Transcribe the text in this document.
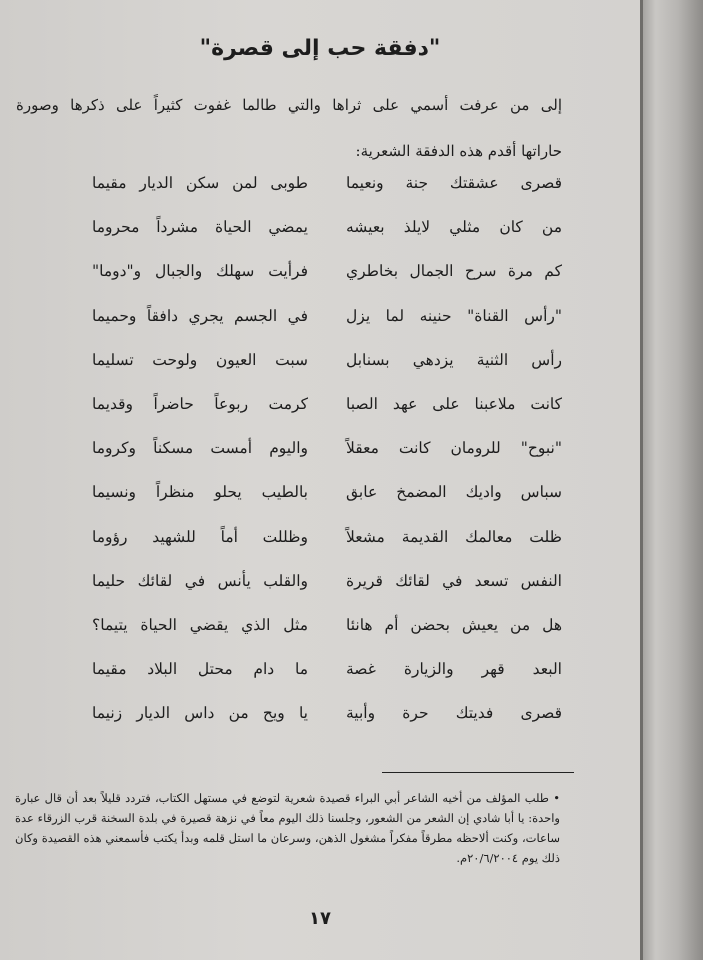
"دفقة حب إلى قصرة"
إلى من عرفت أسمي على ثراها والتي طالما غفوت كثيراً على ذكرها وصورة
حاراتها أقدم هذه الدفقة الشعرية:
قصرى عشقتك جنة ونعيما
من كان مثلي لايلذ بعيشه
كم مرة سرح الجمال بخاطري
"رأس القناة" حنينه لما يزل
رأس الثنية يزدهي بسنابل
كانت ملاعبنا على عهد الصبا
"نبوح" للرومان كانت معقلاً
سباس واديك المضمخ عابق
ظلت معالمك القديمة مشعلاً
النفس تسعد في لقائك قريرة
هل من يعيش بحضن أم هانئا
البعد قهر والزيارة غصة
قصرى فديتك حرة وأبية
طوبى لمن سكن الديار مقيما
يمضي الحياة مشرداً محروما
فرأيت سهلك والجبال و"دوما"
في الجسم يجري دافقاً وحميما
سبت العيون ولوحت تسليما
كرمت ربوعاً حاضراً وقديما
واليوم أمست مسكناً وكروما
بالطيب يحلو منظراً ونسيما
وظللت أماً للشهيد رؤوما
والقلب يأنس في لقائك حليما
مثل الذي يقضي الحياة يتيما؟
ما دام محتل البلاد مقيما
يا ويح من داس الديار زنيما
• طلب المؤلف من أخيه الشاعر أبي البراء قصيدة شعرية لتوضع في مستهل الكتاب، فتردد قليلاً بعد أن قال عبارة واحدة: يا أبا شادي إن الشعر من الشعور، وجلسنا ذلك اليوم معاً في نزهة قصيرة في بلدة السخنة قرب الزرقاء عدة ساعات، وكنت ألاحظه مطرقاً مفكراً مشغول الذهن، وسرعان ما استل قلمه وبدأ يكتب فأسمعني هذه القصيدة وكان ذلك يوم ٢٠/٦/٢٠٠٤م.
١٧
